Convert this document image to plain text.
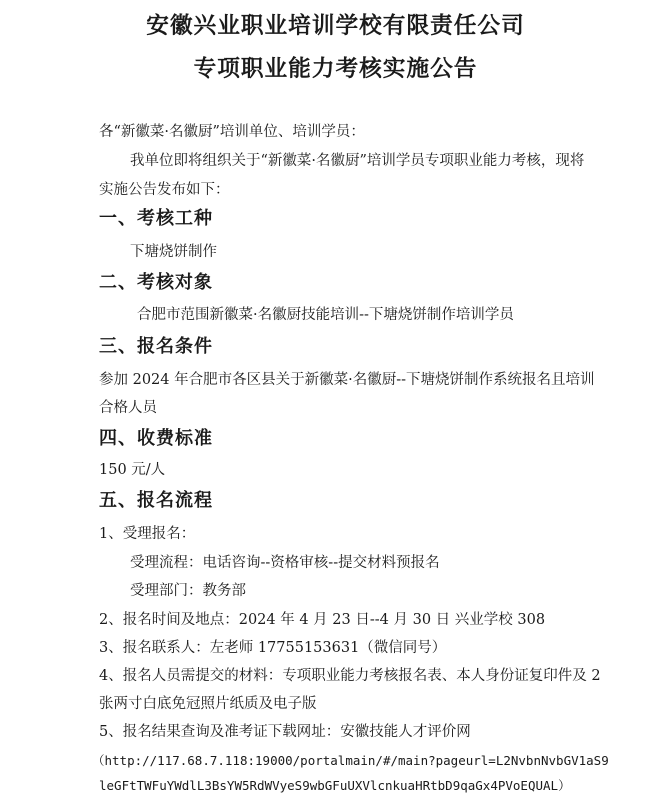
安徽兴业职业培训学校有限责任公司
专项职业能力考核实施公告
各“新徽菜·名徽厨”培训单位、培训学员：
我单位即将组织关于“新徽菜·名徽厨”培训学员专项职业能力考核，现将
实施公告发布如下：
一、考核工种
下塘烧饼制作
二、考核对象
合肥市范围新徽菜·名徽厨技能培训--下塘烧饼制作培训学员
三、报名条件
参加 2024 年合肥市各区县关于新徽菜·名徽厨--下塘烧饼制作系统报名且培训
合格人员
四、收费标准
150 元/人
五、报名流程
1、受理报名：
受理流程：电话咨询--资格审核--提交材料预报名
受理部门：教务部
2、报名时间及地点：2024 年 4 月 23 日--4 月 30 日 兴业学校 308
3、报名联系人：左老师 17755153631（微信同号）
4、报名人员需提交的材料：专项职业能力考核报名表、本人身份证复印件及 2
张两寸白底免冠照片纸质及电子版
5、报名结果查询及准考证下载网址：安徽技能人才评价网
（http://117.68.7.118:19000/portalmain/#/main?pageurl=L2NvbnNvbGV1aS9
leGFtTWFuYWdlL3BsYW5RdWVyeS9wbGFuUXVlcnkuaHRtbD9qaGx4PVoEQUAL）
